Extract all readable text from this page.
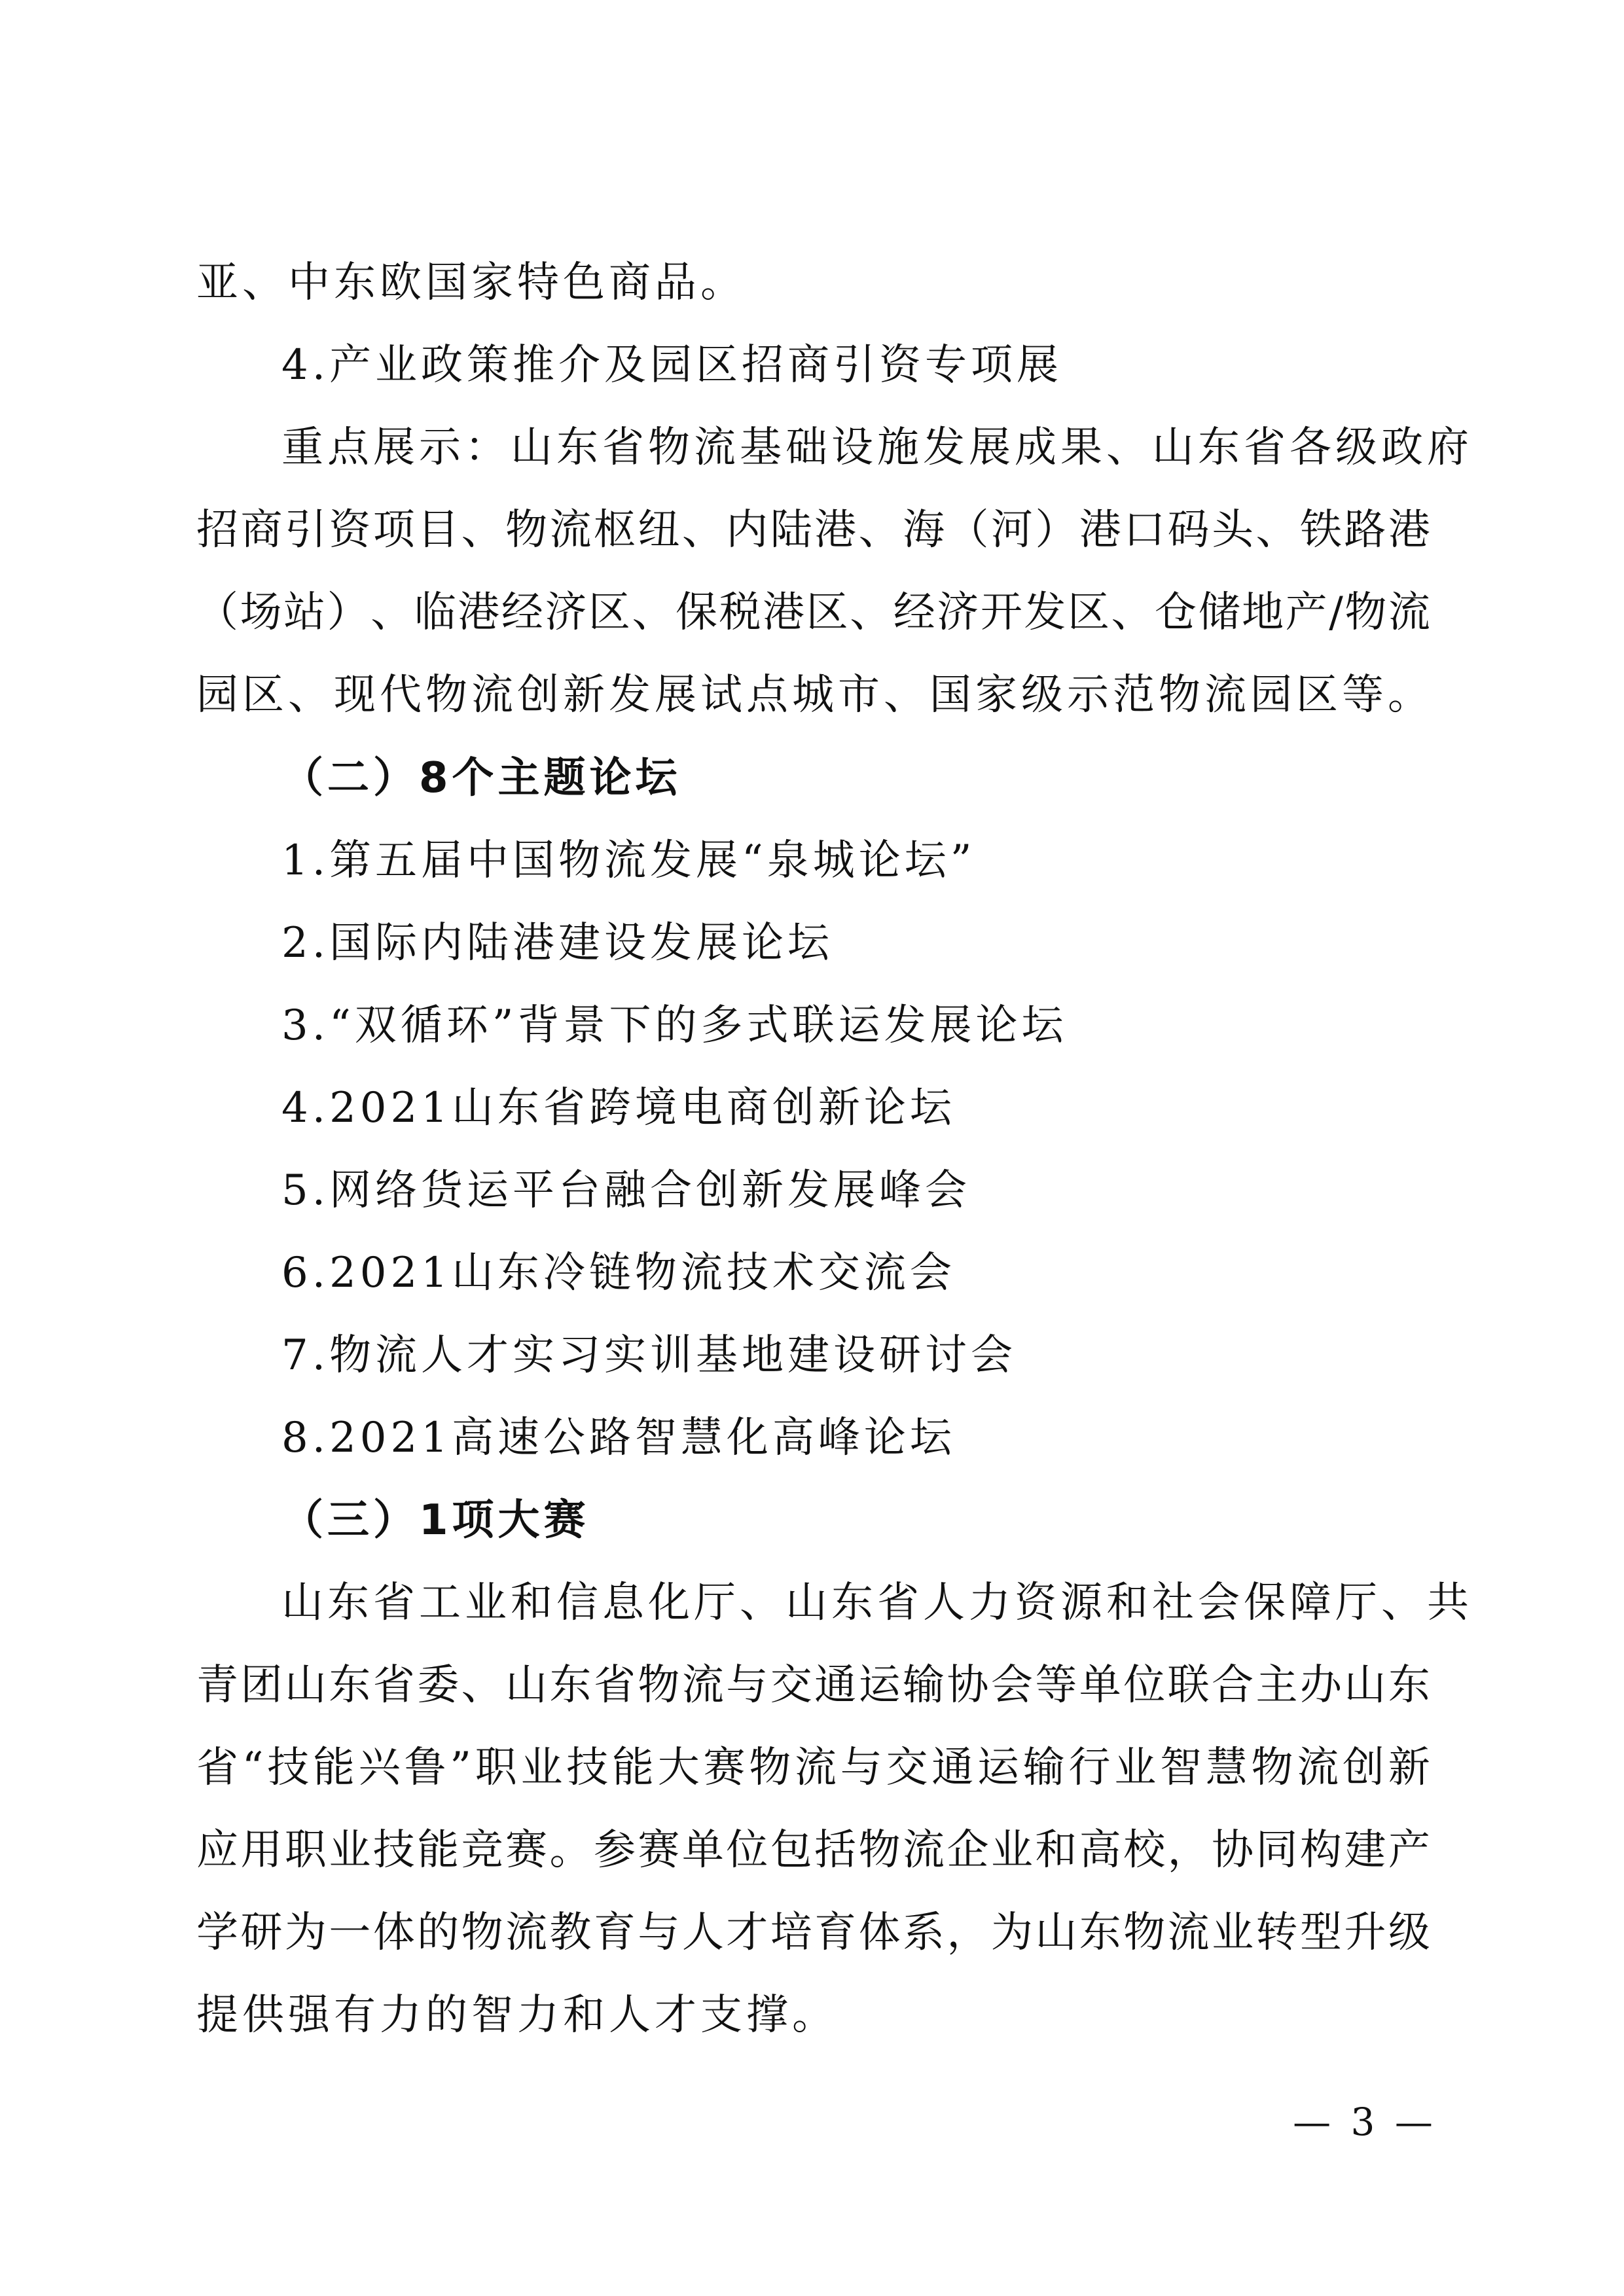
亚、中东欧国家特色商品。
4.产业政策推介及园区招商引资专项展
重点展示：山东省物流基础设施发展成果、山东省各级政府
招 商 引 资 项 目 、 物 流 枢 纽 、 内 陆 港 、 海 （ 河 ） 港 口 码 头 、 铁 路 港
（ 场 站 ） 、 临 港 经 济 区 、 保 税 港 区 、 经 济 开 发 区 、 仓 储 地 产 / 物 流
园区、现代物流创新发展试点城市、国家级示范物流园区等。
（二）8个主题论坛
1.第五届中国物流发展“泉城论坛”
2.国际内陆港建设发展论坛
3.“双循环”背景下的多式联运发展论坛
4.2021山东省跨境电商创新论坛
5.网络货运平台融合创新发展峰会
6.2021山东冷链物流技术交流会
7.物流人才实习实训基地建设研讨会
8.2021高速公路智慧化高峰论坛
（三）1项大赛
山东省工业和信息化厅、山东省人力资源和社会保障厅、共
青 团 山 东 省 委 、 山 东 省 物 流 与 交 通 运 输 协 会 等 单 位 联 合 主 办 山 东
省 “ 技 能 兴 鲁 ” 职 业 技 能 大 赛 物 流 与 交 通 运 输 行 业 智 慧 物 流 创 新
应 用 职 业 技 能 竞 赛 。 参 赛 单 位 包 括 物 流 企 业 和 高 校 ， 协 同 构 建 产
学 研 为 一 体 的 物 流 教 育 与 人 才 培 育 体 系 ， 为 山 东 物 流 业 转 型 升 级
提供强有力的智力和人才支撑。
— 3 —
